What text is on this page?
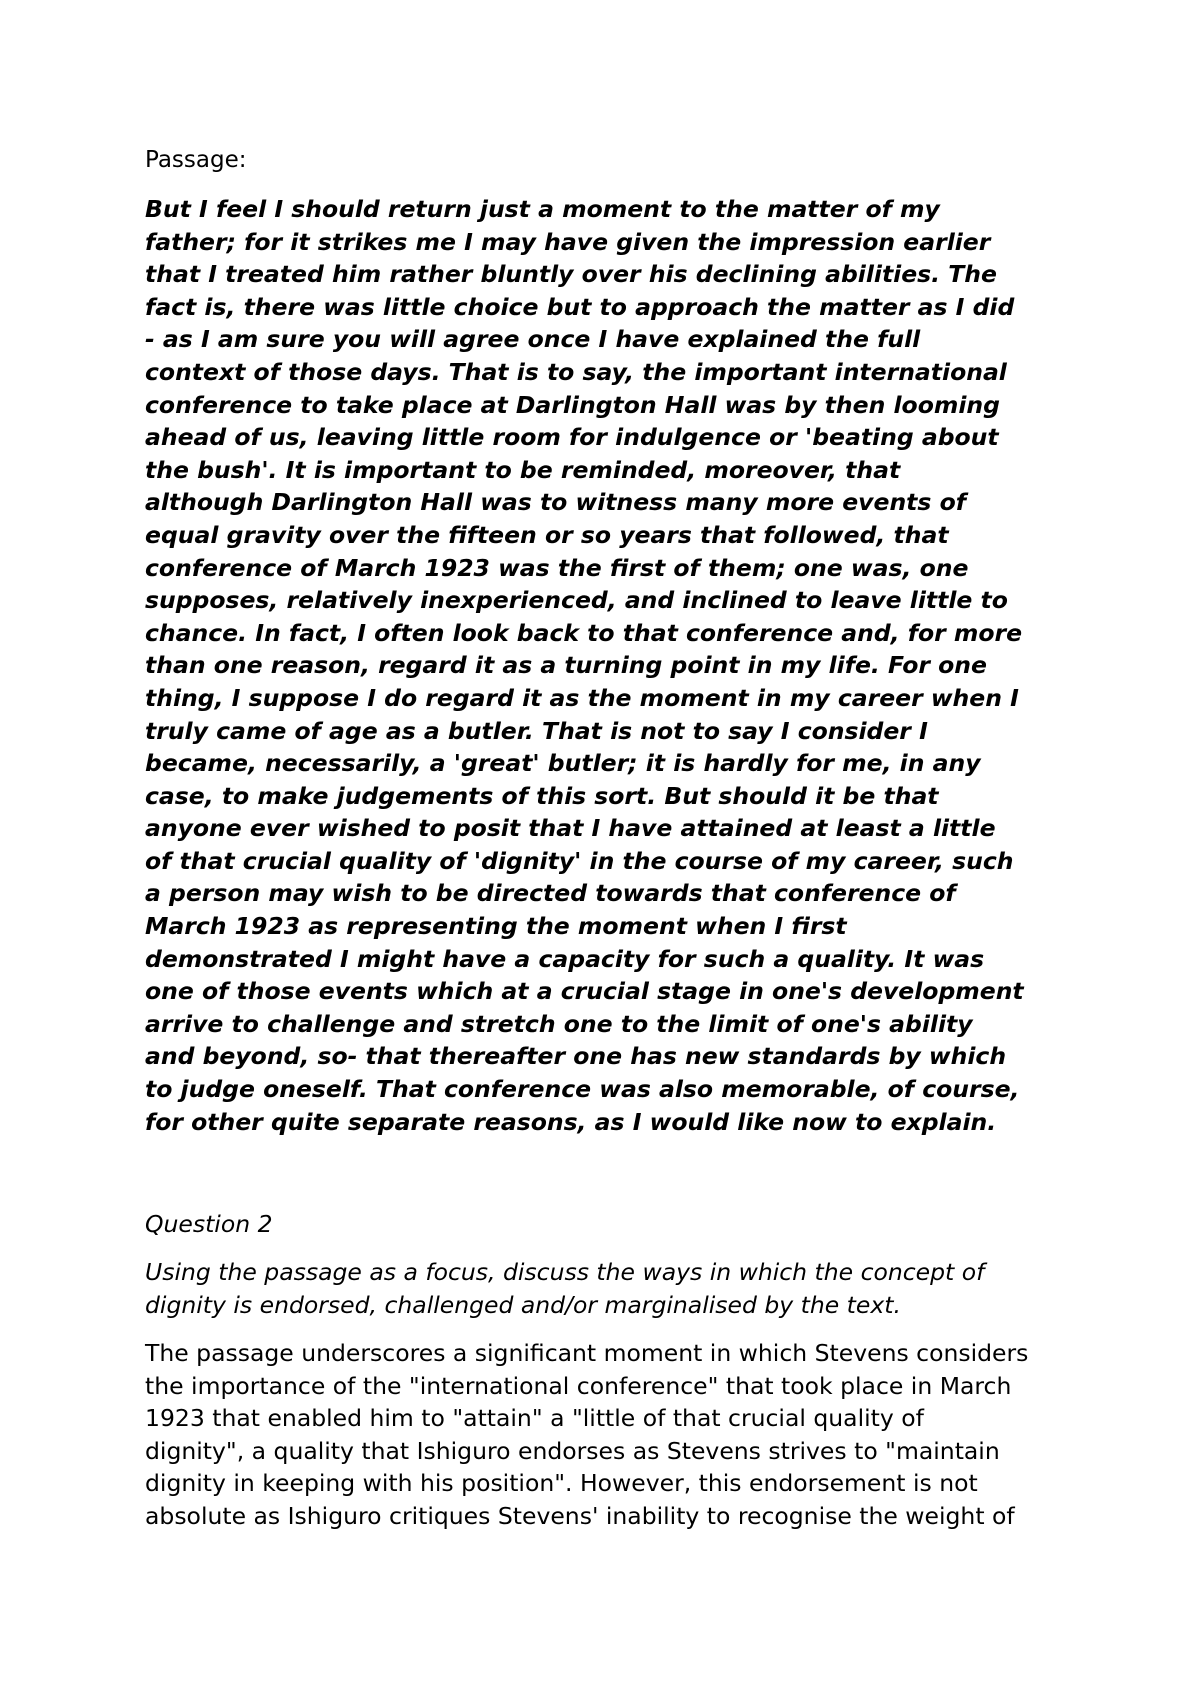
Passage:

But I feel I should return just a moment to the matter of my
father; for it strikes me I may have given the impression earlier
that I treated him rather bluntly over his declining abilities. The
fact is, there was little choice but to approach the matter as I did
- as I am sure you will agree once I have explained the full
context of those days. That is to say, the important international
conference to take place at Darlington Hall was by then looming
ahead of us, leaving little room for indulgence or 'beating about
the bush'. It is important to be reminded, moreover, that
although Darlington Hall was to witness many more events of
equal gravity over the fifteen or so years that followed, that
conference of March 1923 was the first of them; one was, one
supposes, relatively inexperienced, and inclined to leave little to
chance. In fact, I often look back to that conference and, for more
than one reason, regard it as a turning point in my life. For one
thing, I suppose I do regard it as the moment in my career when I
truly came of age as a butler. That is not to say I consider I
became, necessarily, a 'great' butler; it is hardly for me, in any
case, to make judgements of this sort. But should it be that
anyone ever wished to posit that I have attained at least a little
of that crucial quality of 'dignity' in the course of my career, such
a person may wish to be directed towards that conference of
March 1923 as representing the moment when I first
demonstrated I might have a capacity for such a quality. It was
one of those events which at a crucial stage in one's development
arrive to challenge and stretch one to the limit of one's ability
and beyond, so- that thereafter one has new standards by which
to judge oneself. That conference was also memorable, of course,
for other quite separate reasons, as I would like now to explain.

Question 2

Using the passage as a focus, discuss the ways in which the concept of
dignity is endorsed, challenged and/or marginalised by the text.
The passage underscores a significant moment in which Stevens considers
the importance of the "international conference" that took place in March
1923 that enabled him to "attain" a "little of that crucial quality of
dignity", a quality that Ishiguro endorses as Stevens strives to "maintain
dignity in keeping with his position". However, this endorsement is not
absolute as Ishiguro critiques Stevens' inability to recognise the weight of
